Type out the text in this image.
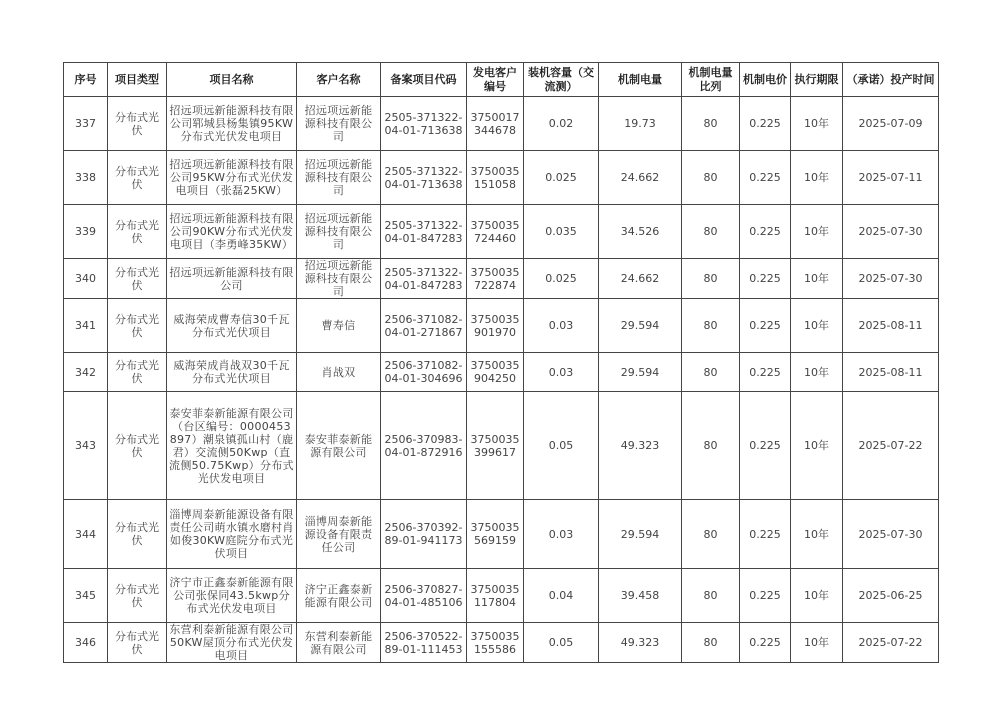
序号	项目类型	项目名称	客户名称	备案项目代码	发电客户编号	装机容量（交流测）	机制电量	机制电量比列	机制电价	执行期限	（承诺）投产时间
337	分布式光伏	招远项远新能源科技有限公司郓城县杨集镇95KW分布式光伏发电项目	招远项远新能源科技有限公司	2505-371322-04-01-713638	3750017344678	0.02	19.73	80	0.225	10年	2025-07-09
338	分布式光伏	招远项远新能源科技有限公司95KW分布式光伏发电项目（张磊25KW）	招远项远新能源科技有限公司	2505-371322-04-01-713638	3750035151058	0.025	24.662	80	0.225	10年	2025-07-11
339	分布式光伏	招远项远新能源科技有限公司90KW分布式光伏发电项目（李勇峰35KW）	招远项远新能源科技有限公司	2505-371322-04-01-847283	3750035724460	0.035	34.526	80	0.225	10年	2025-07-30
340	分布式光伏	招远项远新能源科技有限公司	招远项远新能源科技有限公司	2505-371322-04-01-847283	3750035722874	0.025	24.662	80	0.225	10年	2025-07-30
341	分布式光伏	威海荣成曹寿信30千瓦分布式光伏项目	曹寿信	2506-371082-04-01-271867	3750035901970	0.03	29.594	80	0.225	10年	2025-08-11
342	分布式光伏	威海荣成肖战双30千瓦分布式光伏项目	肖战双	2506-371082-04-01-304696	3750035904250	0.03	29.594	80	0.225	10年	2025-08-11
343	分布式光伏	泰安菲泰新能源有限公司（台区编号：0000453897）潮泉镇孤山村（鹿君）交流侧50Kwp（直流侧50.75Kwp）分布式光伏发电项目	泰安菲泰新能源有限公司	2506-370983-04-01-872916	3750035399617	0.05	49.323	80	0.225	10年	2025-07-22
344	分布式光伏	淄博周泰新能源设备有限责任公司萌水镇水磨村肖如俊30KW庭院分布式光伏项目	淄博周泰新能源设备有限责任公司	2506-370392-89-01-941173	3750035569159	0.03	29.594	80	0.225	10年	2025-07-30
345	分布式光伏	济宁市正鑫泰新能源有限公司张保同43.5kwp分布式光伏发电项目	济宁正鑫泰新能源有限公司	2506-370827-04-01-485106	3750035117804	0.04	39.458	80	0.225	10年	2025-06-25
346	分布式光伏	东营利泰新能源有限公司50KW屋顶分布式光伏发电项目	东营利泰新能源有限公司	2506-370522-89-01-111453	3750035155586	0.05	49.323	80	0.225	10年	2025-07-22
